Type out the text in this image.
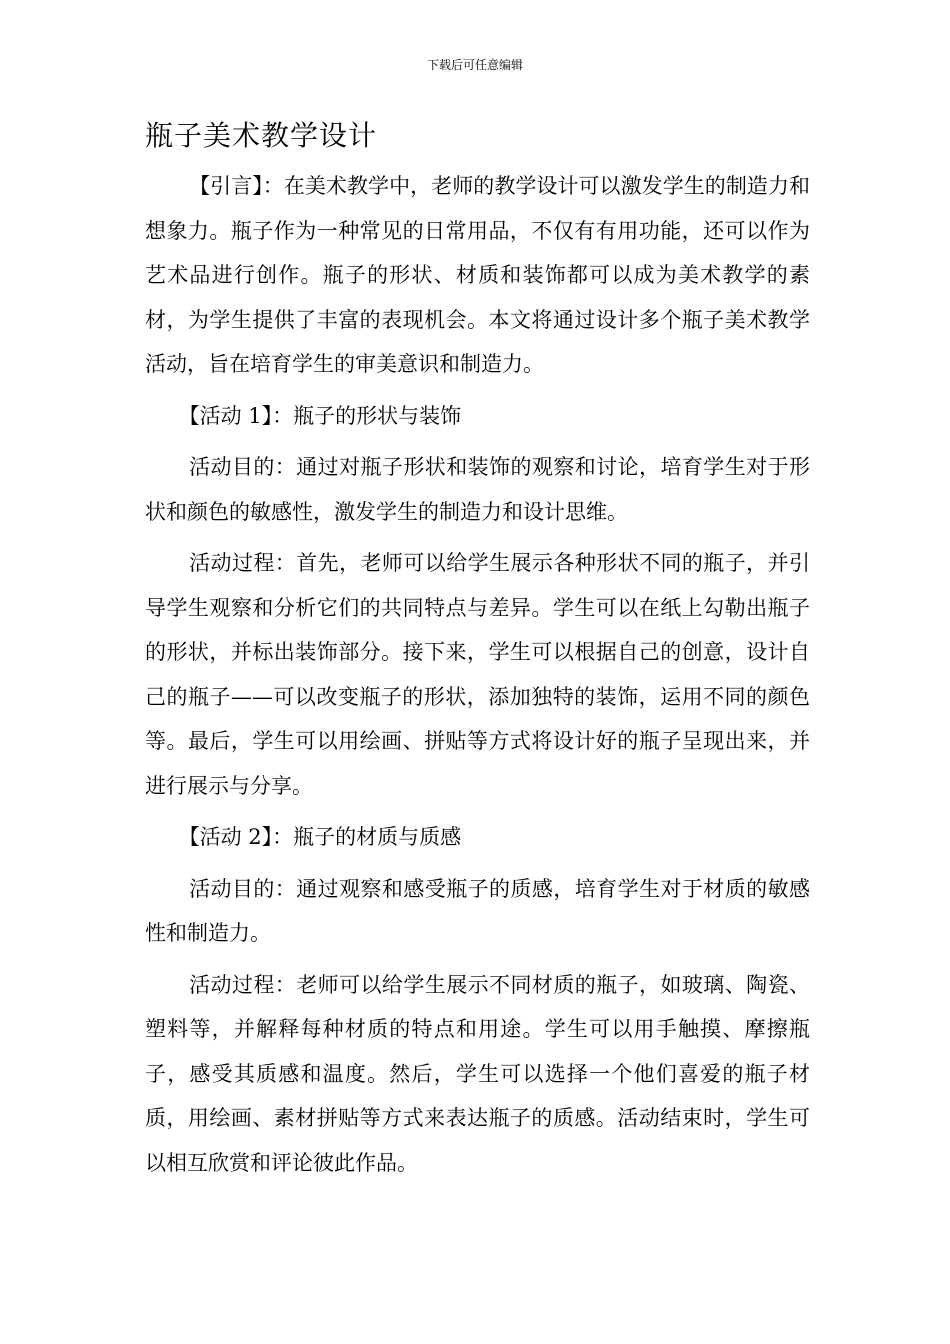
下载后可任意编辑
瓶子美术教学设计

【引言】：在美术教学中，老师的教学设计可以激发学生的制造力和想象力。瓶子作为一种常见的日常用品，不仅有有用功能，还可以作为艺术品进行创作。瓶子的形状、材质和装饰都可以成为美术教学的素材，为学生提供了丰富的表现机会。本文将通过设计多个瓶子美术教学活动，旨在培育学生的审美意识和制造力。

【活动 1】：瓶子的形状与装饰

活动目的：通过对瓶子形状和装饰的观察和讨论，培育学生对于形状和颜色的敏感性，激发学生的制造力和设计思维。

活动过程：首先，老师可以给学生展示各种形状不同的瓶子，并引导学生观察和分析它们的共同特点与差异。学生可以在纸上勾勒出瓶子的形状，并标出装饰部分。接下来，学生可以根据自己的创意，设计自己的瓶子——可以改变瓶子的形状，添加独特的装饰，运用不同的颜色等。最后，学生可以用绘画、拼贴等方式将设计好的瓶子呈现出来，并进行展示与分享。

【活动 2】：瓶子的材质与质感

活动目的：通过观察和感受瓶子的质感，培育学生对于材质的敏感性和制造力。

活动过程：老师可以给学生展示不同材质的瓶子，如玻璃、陶瓷、塑料等，并解释每种材质的特点和用途。学生可以用手触摸、摩擦瓶子，感受其质感和温度。然后，学生可以选择一个他们喜爱的瓶子材质，用绘画、素材拼贴等方式来表达瓶子的质感。活动结束时，学生可以相互欣赏和评论彼此作品。
